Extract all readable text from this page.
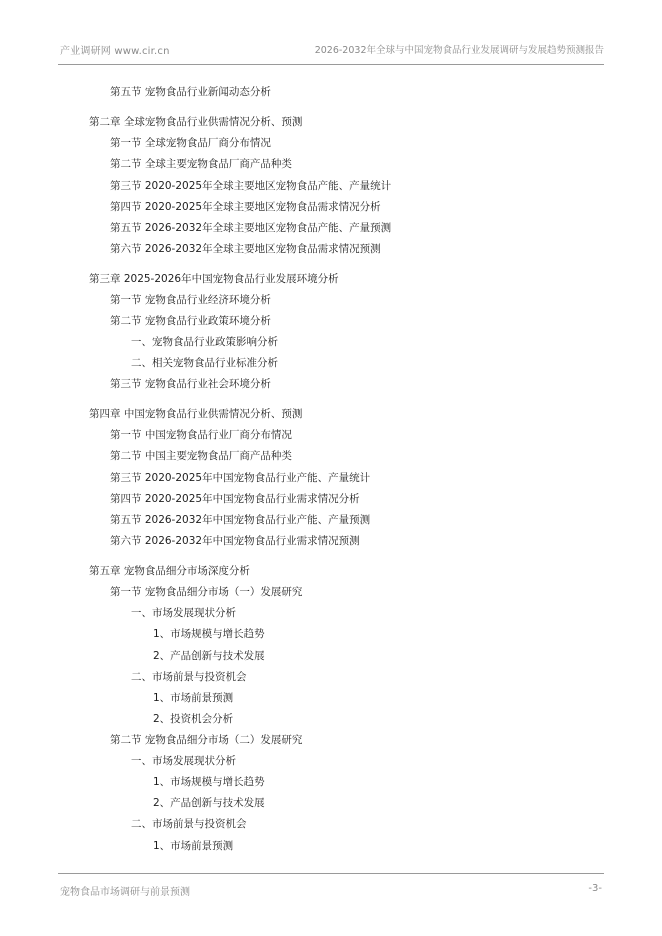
产业调研网 www.cir.cn	2026-2032年全球与中国宠物食品行业发展调研与发展趋势预测报告
第五节 宠物食品行业新闻动态分析
第二章 全球宠物食品行业供需情况分析、预测
第一节 全球宠物食品厂商分布情况
第二节 全球主要宠物食品厂商产品种类
第三节 2020-2025年全球主要地区宠物食品产能、产量统计
第四节 2020-2025年全球主要地区宠物食品需求情况分析
第五节 2026-2032年全球主要地区宠物食品产能、产量预测
第六节 2026-2032年全球主要地区宠物食品需求情况预测
第三章 2025-2026年中国宠物食品行业发展环境分析
第一节 宠物食品行业经济环境分析
第二节 宠物食品行业政策环境分析
一、宠物食品行业政策影响分析
二、相关宠物食品行业标准分析
第三节 宠物食品行业社会环境分析
第四章 中国宠物食品行业供需情况分析、预测
第一节 中国宠物食品行业厂商分布情况
第二节 中国主要宠物食品厂商产品种类
第三节 2020-2025年中国宠物食品行业产能、产量统计
第四节 2020-2025年中国宠物食品行业需求情况分析
第五节 2026-2032年中国宠物食品行业产能、产量预测
第六节 2026-2032年中国宠物食品行业需求情况预测
第五章 宠物食品细分市场深度分析
第一节 宠物食品细分市场（一）发展研究
一、市场发展现状分析
1、市场规模与增长趋势
2、产品创新与技术发展
二、市场前景与投资机会
1、市场前景预测
2、投资机会分析
第二节 宠物食品细分市场（二）发展研究
一、市场发展现状分析
1、市场规模与增长趋势
2、产品创新与技术发展
二、市场前景与投资机会
1、市场前景预测
宠物食品市场调研与前景预测	-3-
